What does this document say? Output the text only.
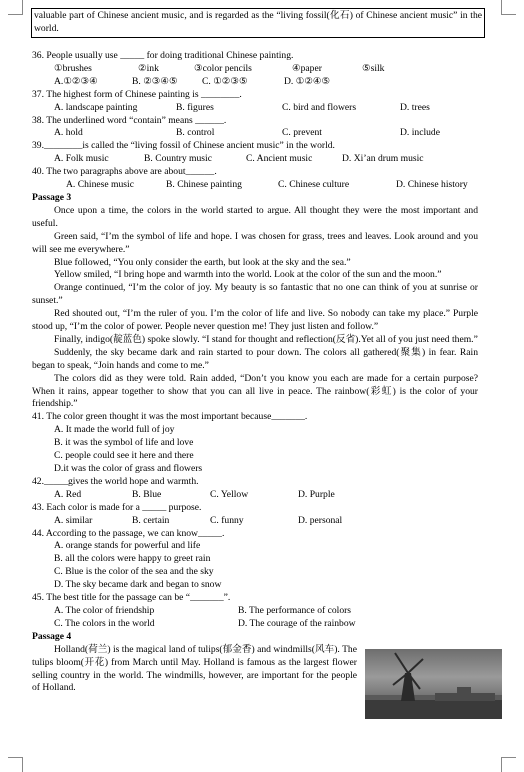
valuable part of Chinese ancient music, and is regarded as the “living fossil(化石) of Chinese ancient music” in the world.
36. People usually use _____ for doing traditional Chinese painting.
①brushes	②ink	③color pencils	④paper	⑤silk
A.①②③④	B. ②③④⑤	C. ①②③⑤	D. ①②④⑤
37. The highest form of Chinese painting is ________.
A. landscape painting	B. figures	C. bird and flowers	D. trees
38. The underlined word “contain” means ______.
A. hold	B. control	C. prevent	D. include
39.________is called the “living fossil of Chinese ancient music” in the world.
A. Folk music	B. Country music	C. Ancient music	D. Xi’an drum music
40. The two paragraphs above are about______.
A. Chinese music	B. Chinese painting	C. Chinese culture	D. Chinese history
Passage 3
Once upon a time, the colors in the world started to argue. All thought they were the most important and useful.
Green said, “I’m the symbol of life and hope. I was chosen for grass, trees and leaves. Look around and you will see me everywhere.”
Blue followed, “You only consider the earth, but look at the sky and the sea.”
Yellow smiled, “I bring hope and warmth into the world. Look at the color of the sun and the moon.”
Orange continued, “I’m the color of joy. My beauty is so fantastic that no one can think of you at sunrise or sunset.”
Red shouted out, “I’m the ruler of you. I’m the color of life and live. So nobody can take my place.” Purple stood up, “I’m the color of power. People never question me! They just listen and follow.”
Finally, indigo(靛蓝色) spoke slowly. “I stand for thought and reflection(反省).Yet all of you just need them.”
Suddenly, the sky became dark and rain started to pour down. The colors all gathered(聚集) in fear. Rain began to speak, “Join hands and come to me.”
The colors did as they were told. Rain added, “Don’t you know you each are made for a certain purpose? When it rains, appear together to show that you can all live in peace. The rainbow(彩虹) is the color of your friendship.”
41. The color green thought it was the most important because_______.
A. It made the world full of joy
B. it was the symbol of life and love
C. people could see it here and there
D.it was the color of grass and flowers
42._____gives the world hope and warmth.
A. Red	B. Blue	C. Yellow	D. Purple
43. Each color is made for a _____ purpose.
A. similar	B. certain	C. funny	D. personal
44. According to the passage, we can know_____.
A. orange stands for powerful and life
B. all the colors were happy to greet rain
C. Blue is the color of the sea and the sky
D. The sky became dark and began to snow
45. The best title for the passage can be “_______”.
A. The color of friendship	B. The performance of colors
C. The colors in the world	D. The courage of the rainbow
Passage 4
Holland(荷兰) is the magical land of tulips(郁金香) and windmills(风车). The tulips bloom(开花) from March until May. Holland is famous as the largest flower selling country in the world. The windmills, however, are important for the people of Holland.
